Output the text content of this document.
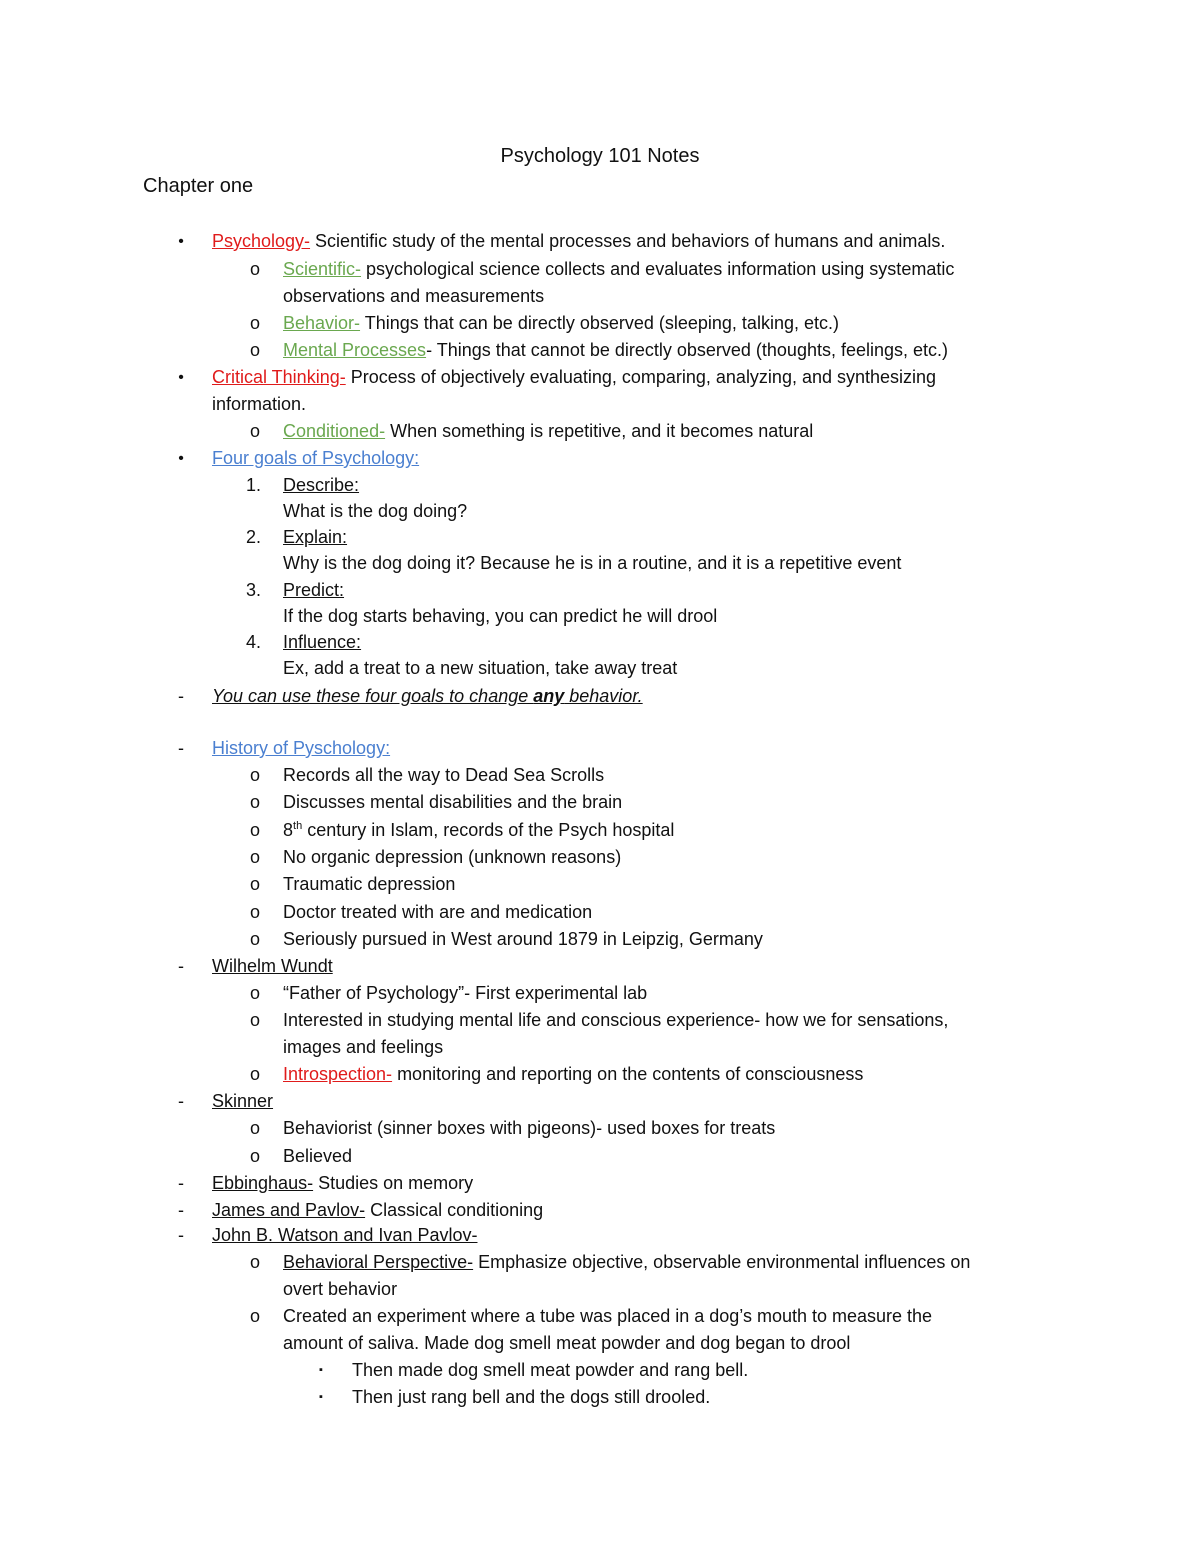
Psychology 101 Notes
Chapter one
•	Psychology- Scientific study of the mental processes and behaviors of humans and animals.
o	Scientific- psychological science collects and evaluates information using systematic
observations and measurements
o	Behavior- Things that can be directly observed (sleeping, talking, etc.)
o	Mental Processes- Things that cannot be directly observed (thoughts, feelings, etc.)
•	Critical Thinking- Process of objectively evaluating, comparing, analyzing, and synthesizing
information.
o	Conditioned- When something is repetitive, and it becomes natural
•	Four goals of Psychology:
1. Describe:
What is the dog doing?
2. Explain:
Why is the dog doing it? Because he is in a routine, and it is a repetitive event
3. Predict:
If the dog starts behaving, you can predict he will drool
4. Influence:
Ex, add a treat to a new situation, take away treat
-	You can use these four goals to change any behavior.
-	History of Pyschology:
o	Records all the way to Dead Sea Scrolls
o	Discusses mental disabilities and the brain
o	8th century in Islam, records of the Psych hospital
o	No organic depression (unknown reasons)
o	Traumatic depression
o	Doctor treated with are and medication
o	Seriously pursued in West around 1879 in Leipzig, Germany
-	Wilhelm Wundt
o	“Father of Psychology”- First experimental lab
o	Interested in studying mental life and conscious experience- how we for sensations,
images and feelings
o	Introspection- monitoring and reporting on the contents of consciousness
-	Skinner
o	Behaviorist (sinner boxes with pigeons)- used boxes for treats
o	Believed
-	Ebbinghaus- Studies on memory
-	James and Pavlov- Classical conditioning
-	John B. Watson and Ivan Pavlov-
o	Behavioral Perspective- Emphasize objective, observable environmental influences on
overt behavior
o	Created an experiment where a tube was placed in a dog’s mouth to measure the
amount of saliva. Made dog smell meat powder and dog began to drool
▪	Then made dog smell meat powder and rang bell.
▪	Then just rang bell and the dogs still drooled.
